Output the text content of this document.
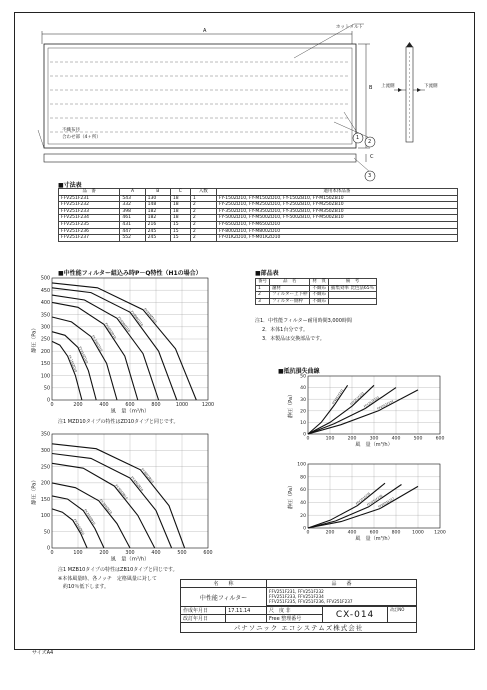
A
B
C
ホットメルト
不織布径
合わせ部（4ヶ所）
上流側	下流側
1
2
3
■寸法表
品　番	A	B	C	入数	適用本体品番
FFV251F231	543	130	18	1	FY-150ZD10, FY-M150ZD10, FY-150ZB10, FY-M150ZB10
FFV251F232	332	148	18	2	FY-250ZD10, FY-M250ZD10, FY-250ZB10, FY-M250ZB10
FFV251F233	398	182	18	2	FY-350ZD10, FY-M350ZD10, FY-350ZB10, FY-M350ZB10
FFV251F234	461	182	18	2	FY-500ZD10, FY-M500ZD10, FY-500ZB10, FY-M500ZB10
FFV251F235	431	216	15	2	FY-650ZD10, FY-M650ZD10
FFV251F236	447	245	15	2	FY-800ZD10, FY-M800ZD10
FFV251F237	552	245	15	2	FY-01KZD10, FY-M01KZD10
■中性能フィルター組込み時P－Q特性（H1の場合）
0
50
100
150
200
250
300
350
400
450
500
0	200	400	600	800	1000	1200
風　量（m³/h）
静圧（Pa）
FY-150ZD10 FY-250ZD10
FY-350ZD10
FY-500ZD10 FY-650ZD10 FY-800ZD10 FY-01KZD10
注1 MZD10タイプの特性はZD10タイプと同じです。
0
50
100
150
200
250
300
350
0	100	200	300	400	500	600
風　量（m³/h）
静圧（Pa）
FY-150ZB10
FY-250ZB10
FY-350ZB10
FY-500ZB10 FY-650ZB10
FY-800ZB10
注1 MZB10タイプの特性はZB10タイプと同じです。
※本体風量時、各ノッチ　定格風量に対して
　約10％低下します。
■部品表
番号	品　名	材　質	備　考
1	濾材	不織布	捕集効率 比色法65％
2	フィルター上下枠	不織布	
3	フィルター側枠	不織布	
注1．中性能フィルター耐用時間3,000時間
2．本体1台分です。
3．本製品は交換部品です。
■抵抗損失曲線
0
10
20
30
40
50
0	100	200	300	400	500	600
風　量（m³/h）
静圧（Pa）	FFV251F231 FFV251F232
FFV251F233
FFV251F234
0
20
40
60
80
100
0	200	400	600	800	1000 1200
風　量（m³/h）
静圧（Pa）	FFV251F235
FFV251F236
FFV251F237
名　　称		品　　番		
中性能フィルター		FFV251F231, FFV251F232
FFV251F233, FFV251F234
FFV251F235, FFV251F236, FFV251F237		

作成年月日	17.11.14	尺　度 非	CX-014	改訂NO
改訂年月日		Free 整理番号		
パナソニック エコシステムズ株式会社				
サイズA4
